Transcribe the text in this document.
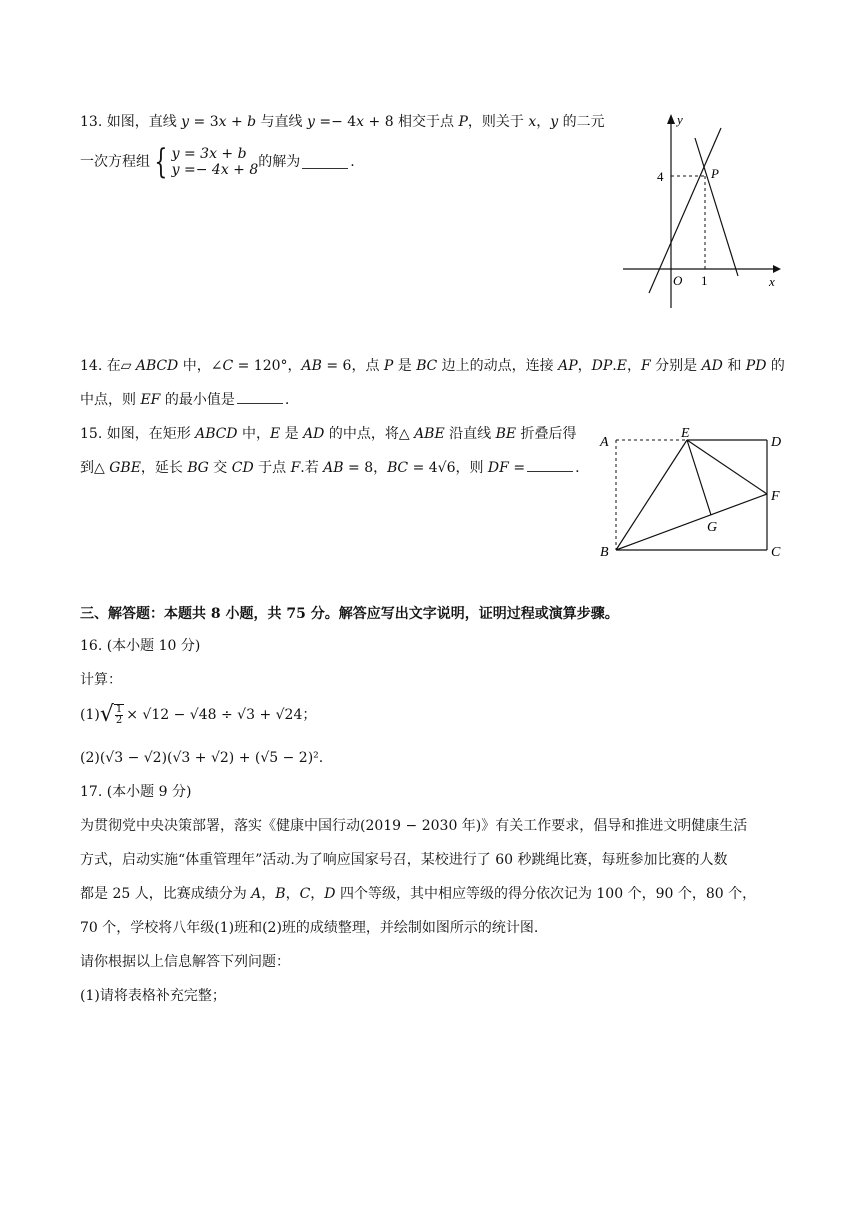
13. 如图，直线 𝑦 = 3𝑥 + 𝑏 与直线 𝑦 =− 4𝑥 + 8 相交于点 𝑃，则关于 𝑥，𝑦 的二元
一次方程组 { 𝑦 = 3𝑥 + 𝑏
𝑦 =− 4𝑥 + 8 的解为	.
y
x
O 1
4	P
14. 在▱ 𝐴𝐵𝐶𝐷 中，∠𝐶 = 120°，𝐴𝐵 = 6，点 𝑃 是 𝐵𝐶 边上的动点，连接 𝐴𝑃，𝐷𝑃.𝐸，𝐹 分别是 𝐴𝐷 和 𝑃𝐷 的
中点，则 𝐸𝐹 的最小值是	.
15. 如图，在矩形 𝐴𝐵𝐶𝐷 中，𝐸 是 𝐴𝐷 的中点，将△ 𝐴𝐵𝐸 沿直线 𝐵𝐸 折叠后得
到△ 𝐺𝐵𝐸，延长 𝐵𝐺 交 𝐶𝐷 于点 𝐹.若 𝐴𝐵 = 8，𝐵𝐶 = 4√6，则 𝐷𝐹 =	.
A
E
D
F
G
B	C
三、解答题：本题共 8 小题，共 75 分。解答应写出文字说明，证明过程或演算步骤。
16. (本小题 10 分)
计算：
(1) √ $\frac{1}{2} \times √12 - √48 \div √3 + √24$；
(2)(√3 − √2)(√3 + √2) + (√5 − 2)².
17. (本小题 9 分)
为贯彻党中央决策部署，落实《健康中国行动(2019 − 2030 年)》有关工作要求，倡导和推进文明健康生活
方式，启动实施“体重管理年”活动.为了响应国家号召，某校进行了 60 秒跳绳比赛，每班参加比赛的人数
都是 25 人，比赛成绩分为 𝐴，𝐵，𝐶，𝐷 四个等级，其中相应等级的得分依次记为 100 个，90 个，80 个，
70 个，学校将八年级(1)班和(2)班的成绩整理，并绘制如图所示的统计图.
请你根据以上信息解答下列问题：
(1)请将表格补充完整；
